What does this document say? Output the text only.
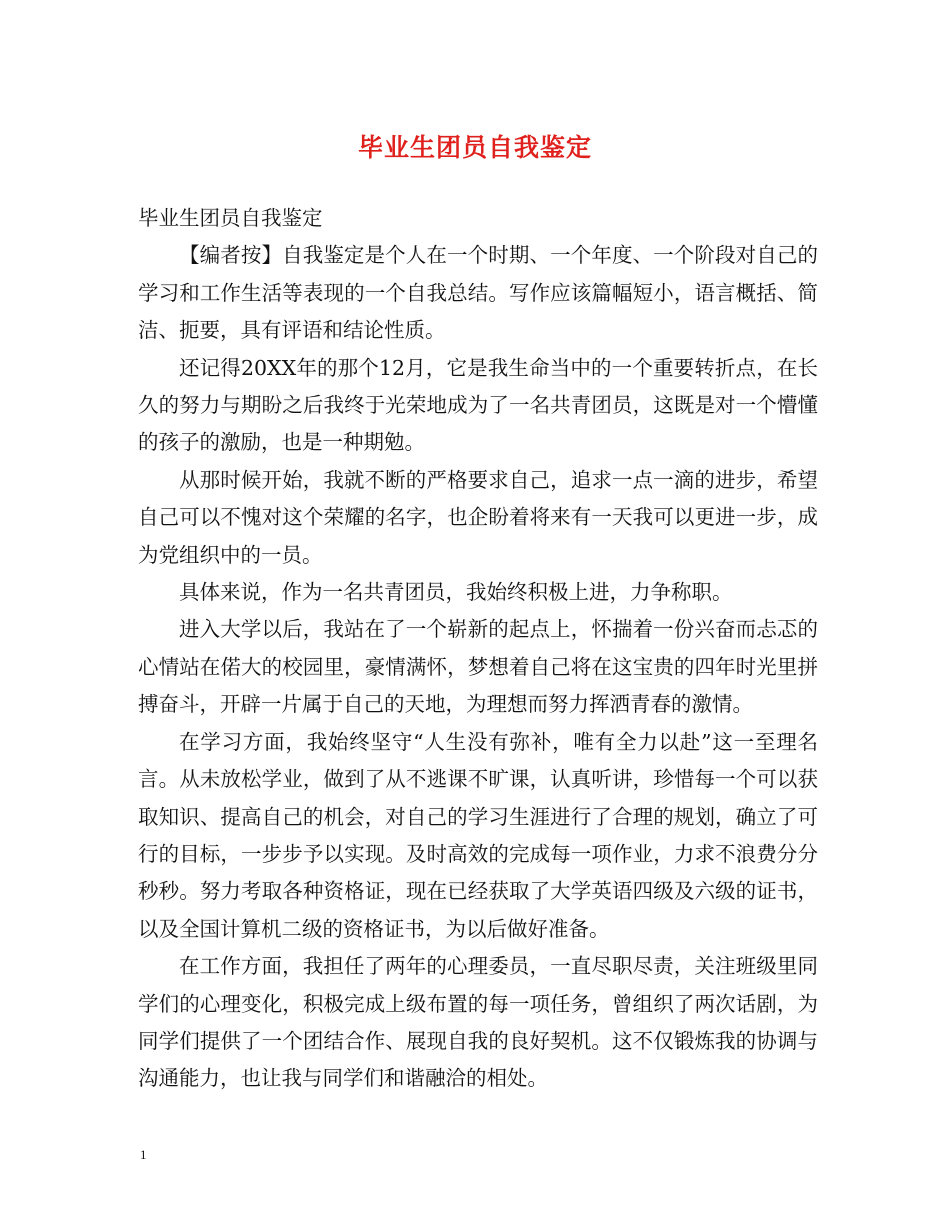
毕业生团员自我鉴定

毕业生团员自我鉴定

【编者按】自我鉴定是个人在一个时期、一个年度、一个阶段对自己的学习和工作生活等表现的一个自我总结。写作应该篇幅短小，语言概括、简洁、扼要，具有评语和结论性质。

还记得20XX年的那个12月，它是我生命当中的一个重要转折点，在长久的努力与期盼之后我终于光荣地成为了一名共青团员，这既是对一个懵懂的孩子的激励，也是一种期勉。

从那时候开始，我就不断的严格要求自己，追求一点一滴的进步，希望自己可以不愧对这个荣耀的名字，也企盼着将来有一天我可以更进一步，成为党组织中的一员。

具体来说，作为一名共青团员，我始终积极上进，力争称职。

进入大学以后，我站在了一个崭新的起点上，怀揣着一份兴奋而忐忑的心情站在偌大的校园里，豪情满怀，梦想着自己将在这宝贵的四年时光里拼搏奋斗，开辟一片属于自己的天地，为理想而努力挥洒青春的激情。

在学习方面，我始终坚守“人生没有弥补，唯有全力以赴”这一至理名言。从未放松学业，做到了从不逃课不旷课，认真听讲，珍惜每一个可以获取知识、提高自己的机会，对自己的学习生涯进行了合理的规划，确立了可行的目标，一步步予以实现。及时高效的完成每一项作业，力求不浪费分分秒秒。努力考取各种资格证，现在已经获取了大学英语四级及六级的证书，以及全国计算机二级的资格证书，为以后做好准备。

在工作方面，我担任了两年的心理委员，一直尽职尽责，关注班级里同学们的心理变化，积极完成上级布置的每一项任务，曾组织了两次话剧，为同学们提供了一个团结合作、展现自我的良好契机。这不仅锻炼我的协调与沟通能力，也让我与同学们和谐融洽的相处。

1
